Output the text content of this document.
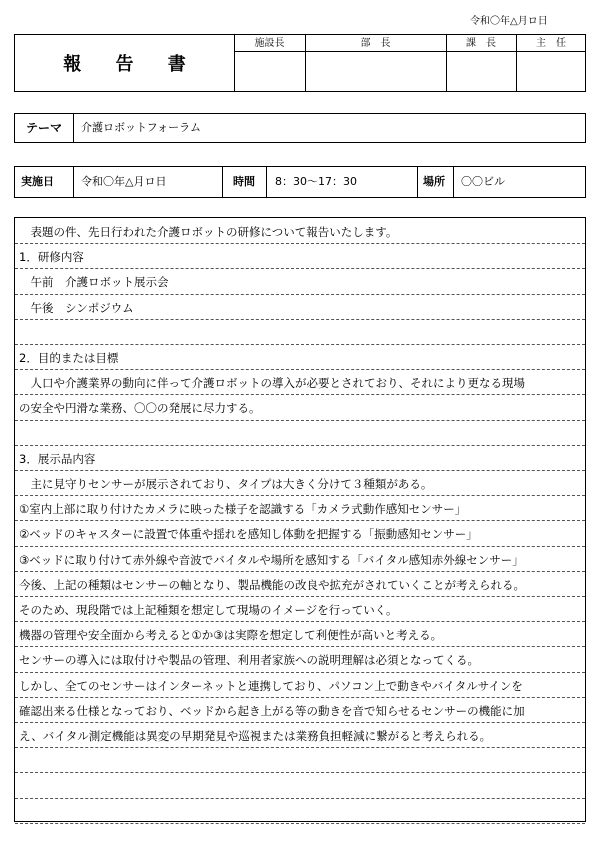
令和〇年△月ロ日
報 告 書
施設長	部　長	課　長	主　任
テーマ	介護ロボットフォーラム
実施日 令和〇年△月ロ日	時間 8：30～17：30	場所 〇〇ビル
　表題の件、先日行われた介護ロボットの研修について報告いたします。
1．研修内容
　午前　介護ロボット展示会
　午後　シンポジウム
2．目的または目標
　人口や介護業界の動向に伴って介護ロボットの導入が必要とされており、それにより更なる現場
の安全や円滑な業務、〇〇の発展に尽力する。
3．展示品内容
　主に見守りセンサーが展示されており、タイプは大きく分けて３種類がある。
①室内上部に取り付けたカメラに映った様子を認識する「カメラ式動作感知センサー」
②ベッドのキャスターに設置で体重や揺れを感知し体動を把握する「振動感知センサー」
③ベッドに取り付けて赤外線や音波でバイタルや場所を感知する「バイタル感知赤外線センサー」
今後、上記の種類はセンサーの軸となり、製品機能の改良や拡充がされていくことが考えられる。
そのため、現段階では上記種類を想定して現場のイメージを行っていく。
機器の管理や安全面から考えると①か③は実際を想定して利便性が高いと考える。
センサーの導入には取付けや製品の管理、利用者家族への説明理解は必須となってくる。
しかし、全てのセンサーはインターネットと連携しており、パソコン上で動きやバイタルサインを
確認出来る仕様となっており、ベッドから起き上がる等の動きを音で知らせるセンサーの機能に加
え、バイタル測定機能は異変の早期発見や巡視または業務負担軽減に繋がると考えられる。
